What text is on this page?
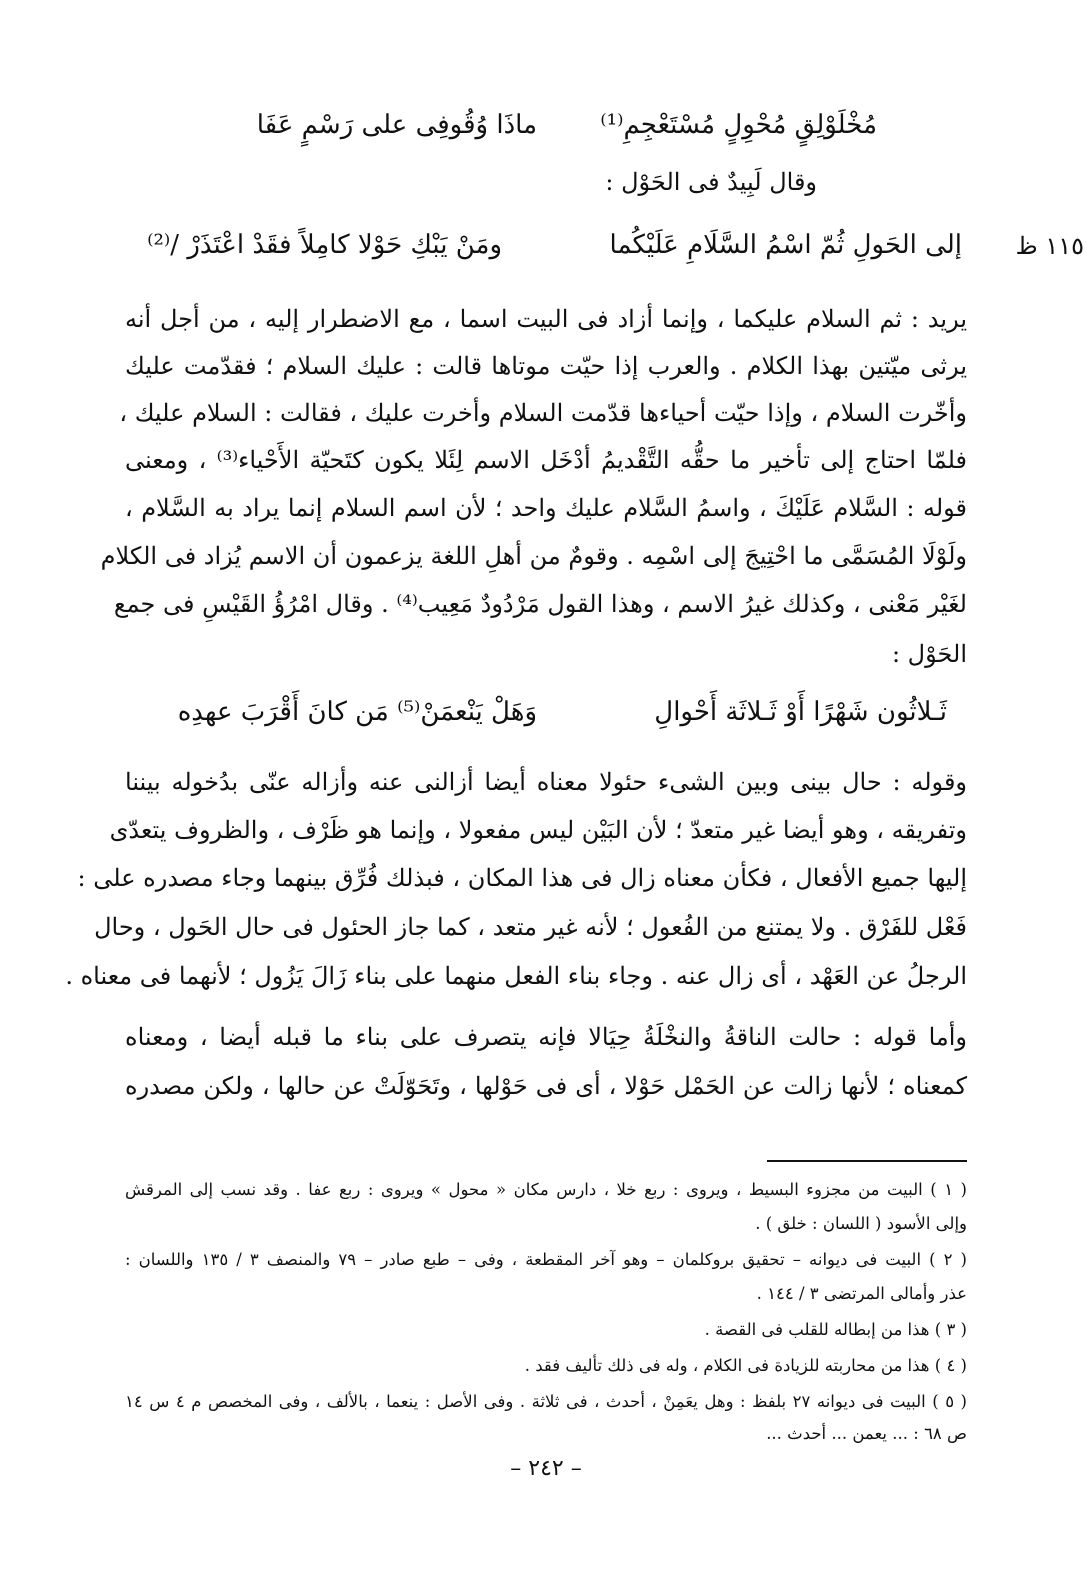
ماذَا وُقُوفِى على رَسْمٍ عَفَا مُخْلَوْلِقٍ مُحْوِلٍ مُسْتَعْجِمِ⁽¹⁾
وقال لَبِيدٌ فى الحَوْل :
١١٥ ظ
إلى الحَولِ ثُمّ اسْمُ السَّلَامِ عَلَيْكُما
ومَنْ يَبْكِ حَوْلا كامِلاً فقَدْ اعْتَذَرْ /⁽²⁾
يريد : ثم السلام عليكما ، وإنما أزاد فى البيت اسما ، مع الاضطرار إليه ، من أجل أنه
يرثى ميّتين بهذا الكلام . والعرب إذا حيّت موتاها قالت : عليك السلام ؛ فقدّمت عليك
وأخّرت السلام ، وإذا حيّت أحياءها قدّمت السلام وأخرت عليك ، فقالت : السلام عليك ،
فلمّا احتاج إلى تأخير ما حقُّه التَّقْديمُ أدْخَل الاسم لِئَلا يكون كتَحيّة الأَحْياء⁽³⁾ ، ومعنى
قوله : السَّلام عَلَيْكَ ، واسمُ السَّلام عليك واحد ؛ لأن اسم السلام إنما يراد به السَّلام ،
ولَوْلَا المُسَمَّى ما احْتِيجَ إلى اسْمِه . وقومٌ من أهلِ اللغة يزعمون أن الاسم يُزاد فى الكلام
لغَيْر مَعْنى ، وكذلك غيرُ الاسم ، وهذا القول مَرْدُودٌ مَعِيب⁽⁴⁾ . وقال امْرُؤُ القَيْسِ فى جمع
الحَوْل :
وَهَلْ يَنْعمَنْ⁽⁵⁾ مَن كانَ أَقْرَبَ عهدِه	ثَـلاثُون شَهْرًا أَوْ ثَـلاثَة أَحْوالِ
وقوله : حال بينى وبين الشىء حئولا معناه أيضا أزالنى عنه وأزاله عنّى بدُخوله بيننا
وتفريقه ، وهو أيضا غير متعدّ ؛ لأن البَيْن ليس مفعولا ، وإنما هو ظَرْف ، والظروف يتعدّى
إليها جميع الأفعال ، فكأن معناه زال فى هذا المكان ، فبذلك فُرِّق بينهما وجاء مصدره على :
فَعْل للفَرْق . ولا يمتنع من الفُعول ؛ لأنه غير متعد ، كما جاز الحئول فى حال الحَول ، وحال
الرجلُ عن العَهْد ، أى زال عنه . وجاء بناء الفعل منهما على بناء زَالَ يَزُول ؛ لأنهما فى معناه .
وأما قوله : حالت الناقةُ والنخْلَةُ حِيَالا فإنه يتصرف على بناء ما قبله أيضا ، ومعناه
كمعناه ؛ لأنها زالت عن الحَمْل حَوْلا ، أى فى حَوْلها ، وتَحَوّلَتْ عن حالها ، ولكن مصدره
( ١ ) البيت من مجزوء البسيط ، ويروى : ربع خلا ، دارس مكان « محول » ويروى : ربع عفا . وقد نسب إلى المرقش
وإلى الأسود ( اللسان : خلق ) .
( ٢ ) البيت فى ديوانه – تحقيق بروكلمان – وهو آخر المقطعة ، وفى – طبع صادر – ٧٩ والمنصف ٣ / ١٣٥ واللسان :
عذر وأمالى المرتضى ٣ / ١٤٤ .
( ٣ ) هذا من إبطاله للقلب فى القصة .
( ٤ ) هذا من محاربته للزيادة فى الكلام ، وله فى ذلك تأليف فقد .
( ٥ ) البيت فى ديوانه ٢٧ بلفظ : وهل يعَمِنْ ، أحدث ، فى ثلاثة . وفى الأصل : ينعما ، بالألف ، وفى المخصص م ٤ س ١٤
ص ٦٨ : ... يعمن ... أحدث ...
– ٢٤٢ –
